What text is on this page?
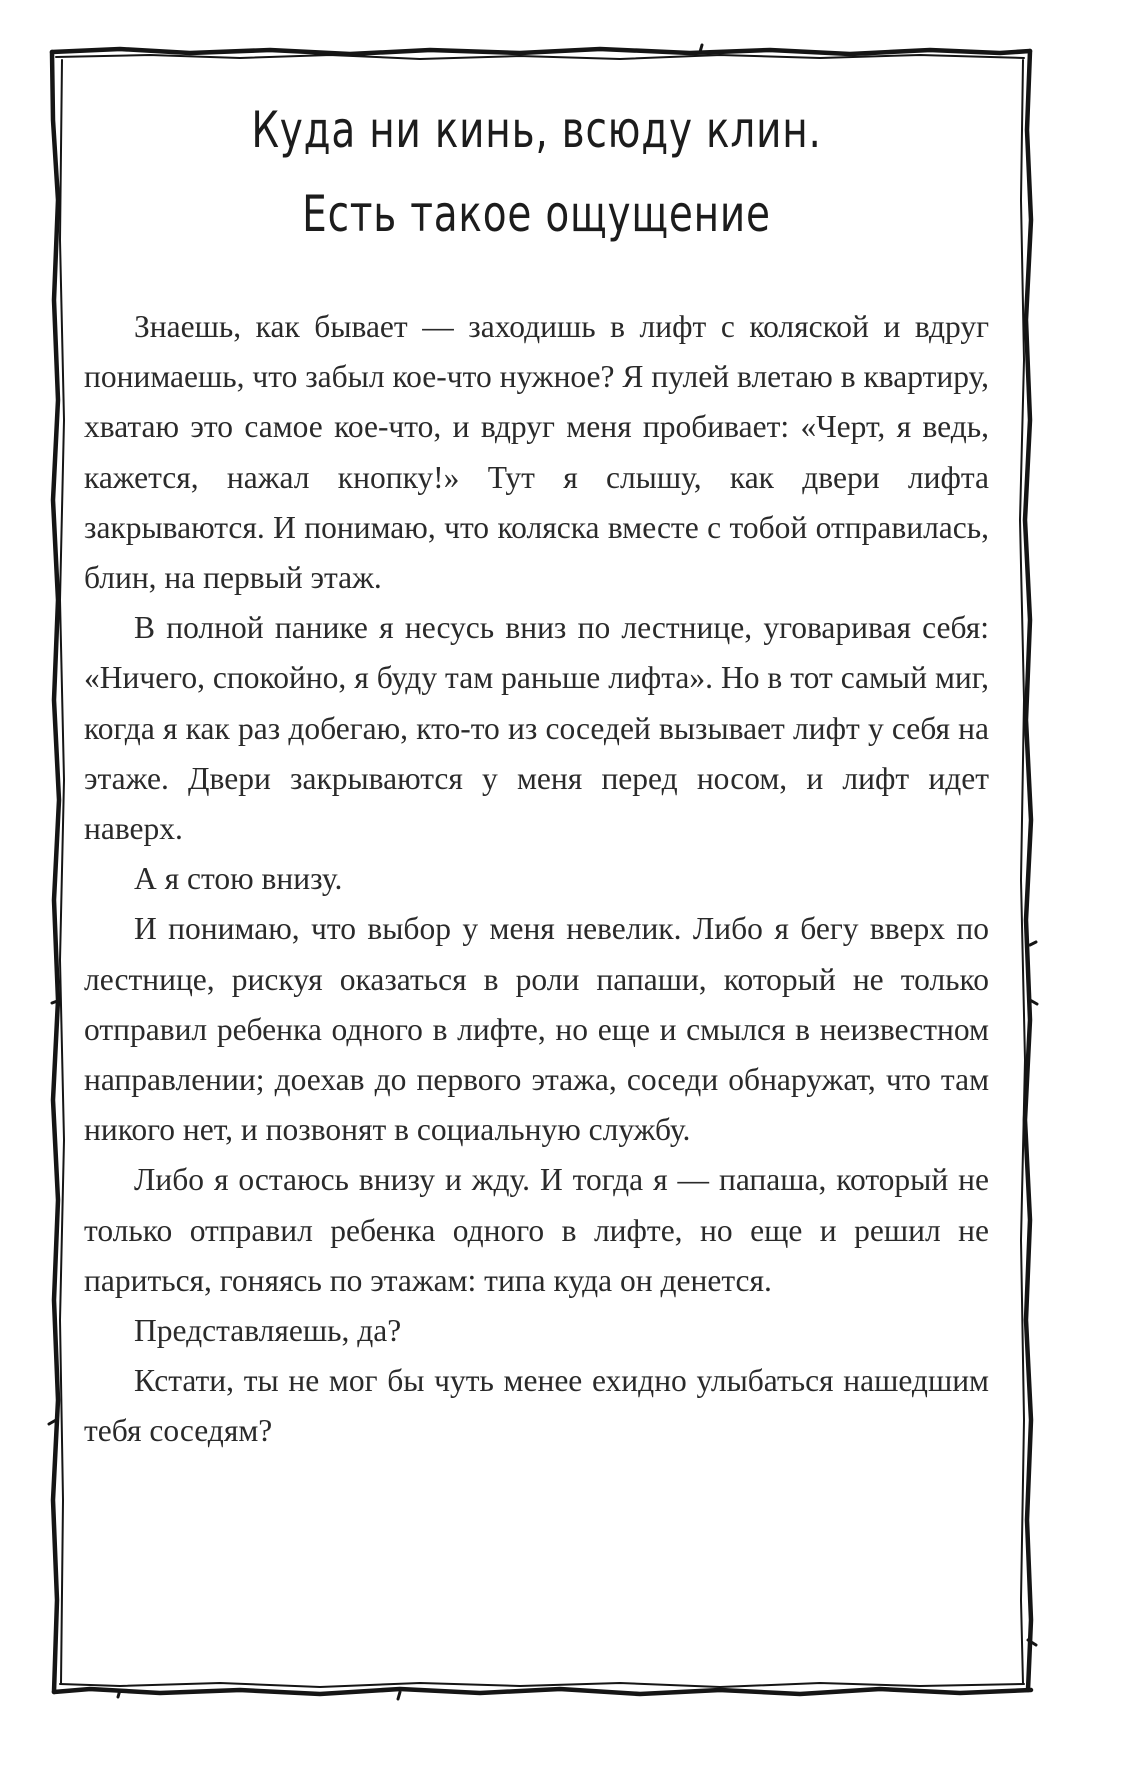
Куда ни кинь, всюду клин.
Есть такое ощущение

Знаешь, как бывает — заходишь в лифт с коляской и вдруг понимаешь, что забыл кое-что нужное? Я пулей влетаю в квартиру, хватаю это самое кое-что, и вдруг меня пробивает: «Черт, я ведь, кажется, нажал кнопку!» Тут я слышу, как двери лифта закрываются. И понимаю, что коляска вместе с тобой отправилась, блин, на первый этаж.

В полной панике я несусь вниз по лестнице, уговаривая себя: «Ничего, спокойно, я буду там раньше лифта». Но в тот самый миг, когда я как раз добегаю, кто-то из соседей вызывает лифт у себя на этаже. Двери закрываются у меня перед носом, и лифт идет наверх.

А я стою внизу.

И понимаю, что выбор у меня невелик. Либо я бегу вверх по лестнице, рискуя оказаться в роли папаши, который не только отправил ребенка одного в лифте, но еще и смылся в неизвестном направлении; доехав до первого этажа, соседи обнаружат, что там никого нет, и позвонят в социальную службу.

Либо я остаюсь внизу и жду. И тогда я — папаша, который не только отправил ребенка одного в лифте, но еще и решил не париться, гоняясь по этажам: типа куда он денется.

Представляешь, да?

Кстати, ты не мог бы чуть менее ехидно улыбаться нашедшим тебя соседям?
